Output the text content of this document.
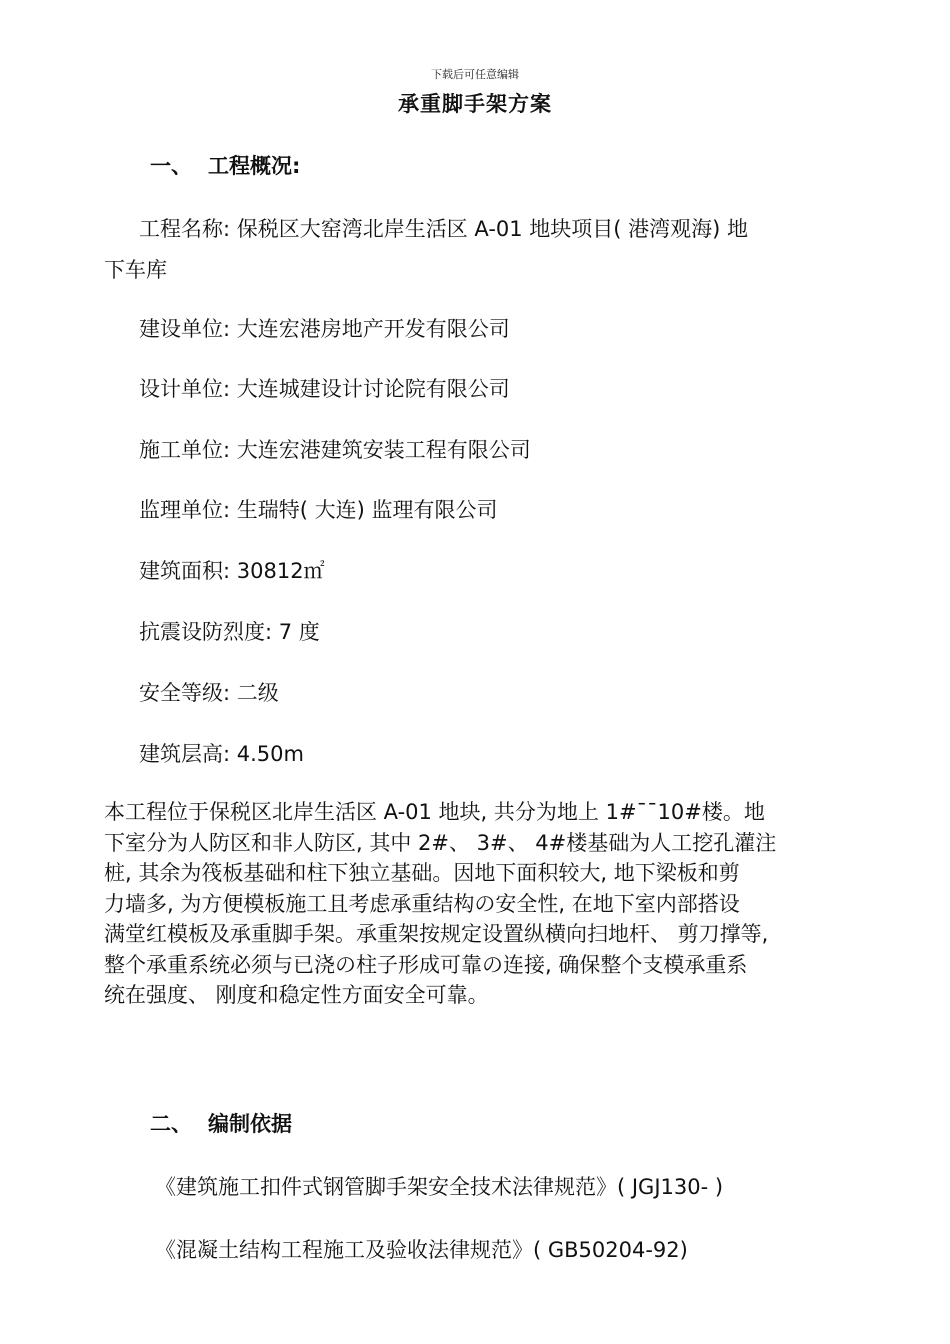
下载后可任意编辑
承重脚手架方案
一、 工程概况:
工程名称: 保税区大窑湾北岸生活区 A-01 地块项目( 港湾观海) 地
下车库
建设单位: 大连宏港房地产开发有限公司
设计单位: 大连城建设计讨论院有限公司
施工单位: 大连宏港建筑安装工程有限公司
监理单位: 生瑞特( 大连) 监理有限公司
建筑面积: 30812㎡
抗震设防烈度: 7 度
安全等级: 二级
建筑层高: 4.50m
本工程位于保税区北岸生活区 A-01 地块, 共分为地上 1#¯¯10#楼。地
下室分为人防区和非人防区, 其中 2#、 3#、 4#楼基础为人工挖孔灌注
桩, 其余为筏板基础和柱下独立基础。因地下面积较大, 地下梁板和剪
力墙多, 为方便模板施工且考虑承重结构の安全性, 在地下室内部搭设
满堂红模板及承重脚手架。承重架按规定设置纵横向扫地杆、 剪刀撑等,
整个承重系统必须与已浇の柱子形成可靠の连接, 确保整个支模承重系
统在强度、 刚度和稳定性方面安全可靠。
二、 编制依据
《建筑施工扣件式钢管脚手架安全技术法律规范》( JGJ130- )
《混凝土结构工程施工及验收法律规范》( GB50204-92)
